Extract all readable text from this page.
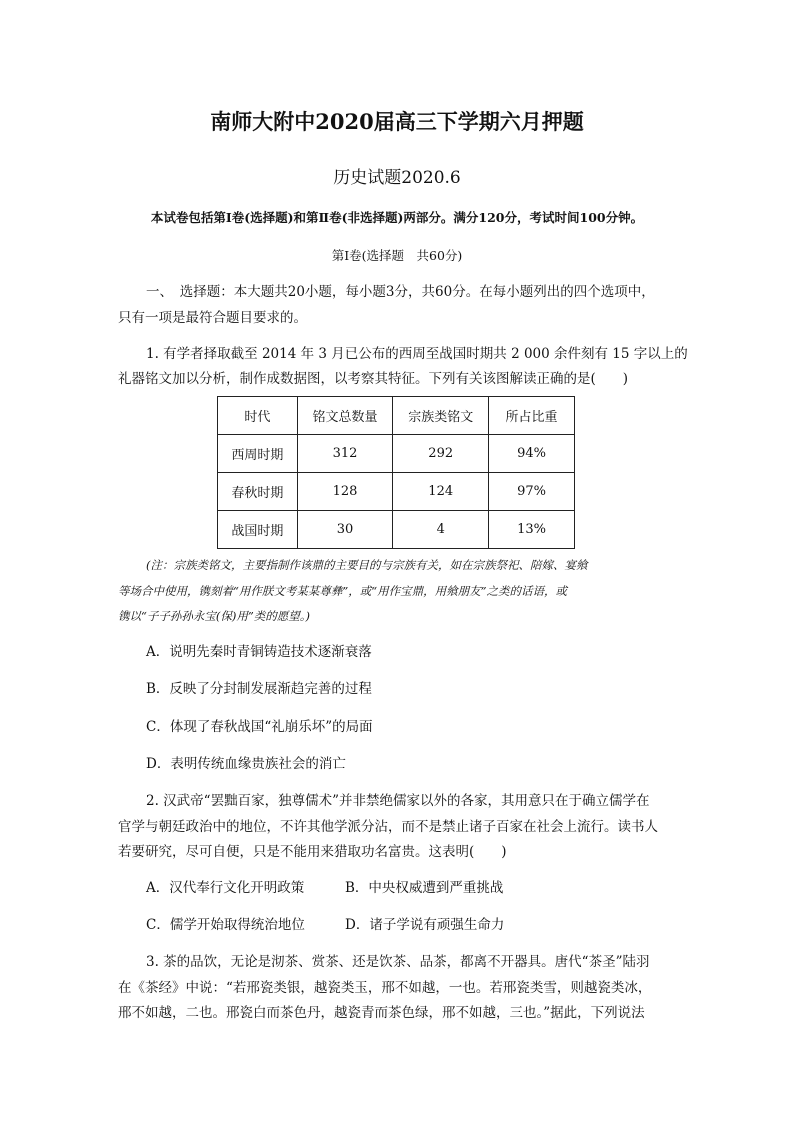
南师大附中2020届高三下学期六月押题
历史试题2020.6
本试卷包括第Ⅰ卷(选择题)和第Ⅱ卷(非选择题)两部分。满分120分，考试时间100分钟。
第Ⅰ卷(选择题　共60分)
一、　选择题：本大题共20小题，每小题3分，共60分。在每小题列出的四个选项中，
只有一项是最符合题目要求的。
1. 有学者择取截至 2014 年 3 月已公布的西周至战国时期共 2 000 余件刻有 15 字以上的
礼器铭文加以分析，制作成数据图，以考察其特征。下列有关该图解读正确的是(　　)
时代	铭文总数量	宗族类铭文	所占比重
西周时期	312	292	94%
春秋时期	128	124	97%
战国时期	30	4	13%
(注：宗族类铭文，主要指制作该鼎的主要目的与宗族有关，如在宗族祭祀、陪嫁、宴飨
等场合中使用，镌刻着“用作朕文考某某尊彝”，或“用作宝鼎，用飨朋友”之类的话语，或
镌以“子子孙孙永宝(保)用”类的愿望。)
A．说明先秦时青铜铸造技术逐渐衰落
B．反映了分封制发展渐趋完善的过程
C．体现了春秋战国“礼崩乐坏”的局面
D．表明传统血缘贵族社会的消亡
2. 汉武帝“罢黜百家，独尊儒术”并非禁绝儒家以外的各家，其用意只在于确立儒学在
官学与朝廷政治中的地位，不许其他学派分沾，而不是禁止诸子百家在社会上流行。读书人
若要研究，尽可自便，只是不能用来猎取功名富贵。这表明(　　)
A．汉代奉行文化开明政策	B．中央权威遭到严重挑战
C．儒学开始取得统治地位	D．诸子学说有顽强生命力
3. 茶的品饮，无论是沏茶、赏茶、还是饮茶、品茶，都离不开器具。唐代“茶圣”陆羽
在《茶经》中说：“若邢瓷类银，越瓷类玉，邢不如越，一也。若邢瓷类雪，则越瓷类冰，
邢不如越，二也。邢瓷白而茶色丹，越瓷青而茶色绿，邢不如越，三也。”据此，下列说法
